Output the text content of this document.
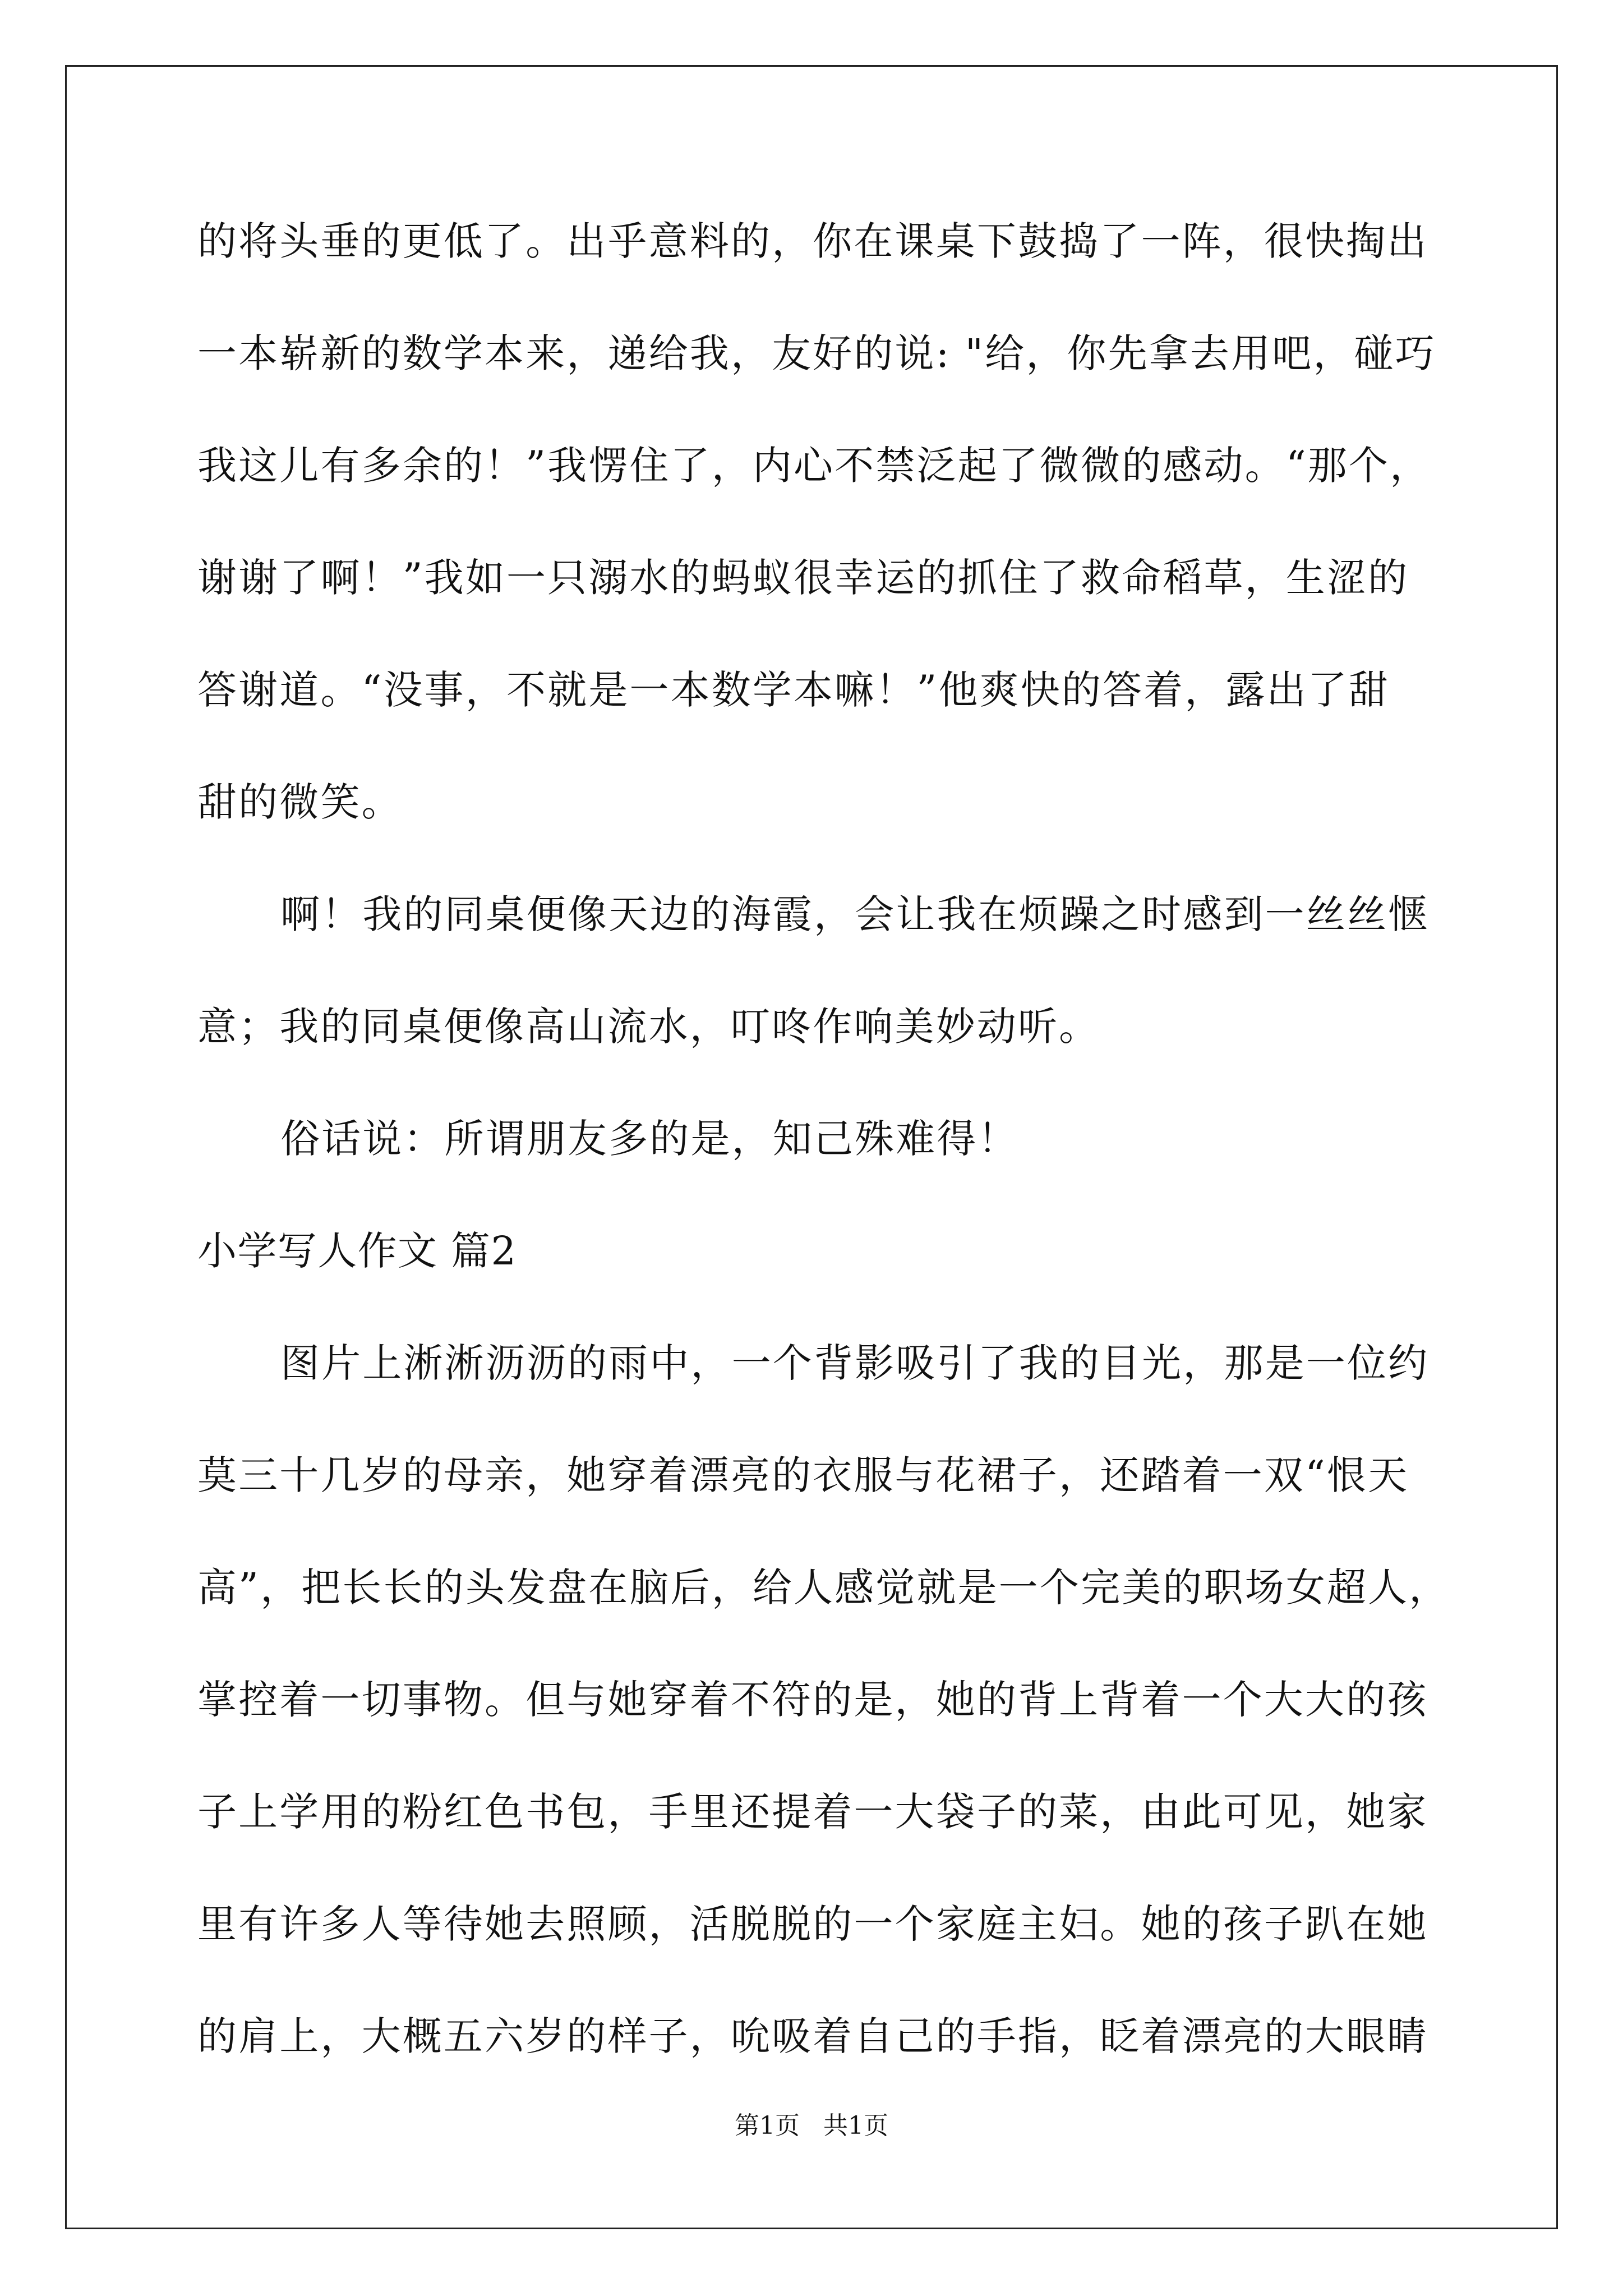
的将头垂的更低了。出乎意料的，你在课桌下鼓捣了一阵，很快掏出
一本崭新的数学本来，递给我，友好的说: "给，你先拿去用吧，碰巧
我这儿有多余的！”我愣住了，内心不禁泛起了微微的感动。“那个，
谢谢了啊！”我如一只溺水的蚂蚁很幸运的抓住了救命稻草，生涩的
答谢道。“没事，不就是一本数学本嘛！”他爽快的答着，露出了甜
甜的微笑。
啊！我的同桌便像天边的海霞，会让我在烦躁之时感到一丝丝惬
意；我的同桌便像高山流水，叮咚作响美妙动听。
俗话说：所谓朋友多的是，知己殊难得！
小学写人作文 篇2
图片上淅淅沥沥的雨中，一个背影吸引了我的目光，那是一位约
莫三十几岁的母亲，她穿着漂亮的衣服与花裙子，还踏着一双“恨天
高”，把长长的头发盘在脑后，给人感觉就是一个完美的职场女超人，
掌控着一切事物。但与她穿着不符的是，她的背上背着一个大大的孩
子上学用的粉红色书包，手里还提着一大袋子的菜，由此可见，她家
里有许多人等待她去照顾，活脱脱的一个家庭主妇。她的孩子趴在她
的肩上，大概五六岁的样子，吮吸着自己的手指，眨着漂亮的大眼睛
第1页 共1页
